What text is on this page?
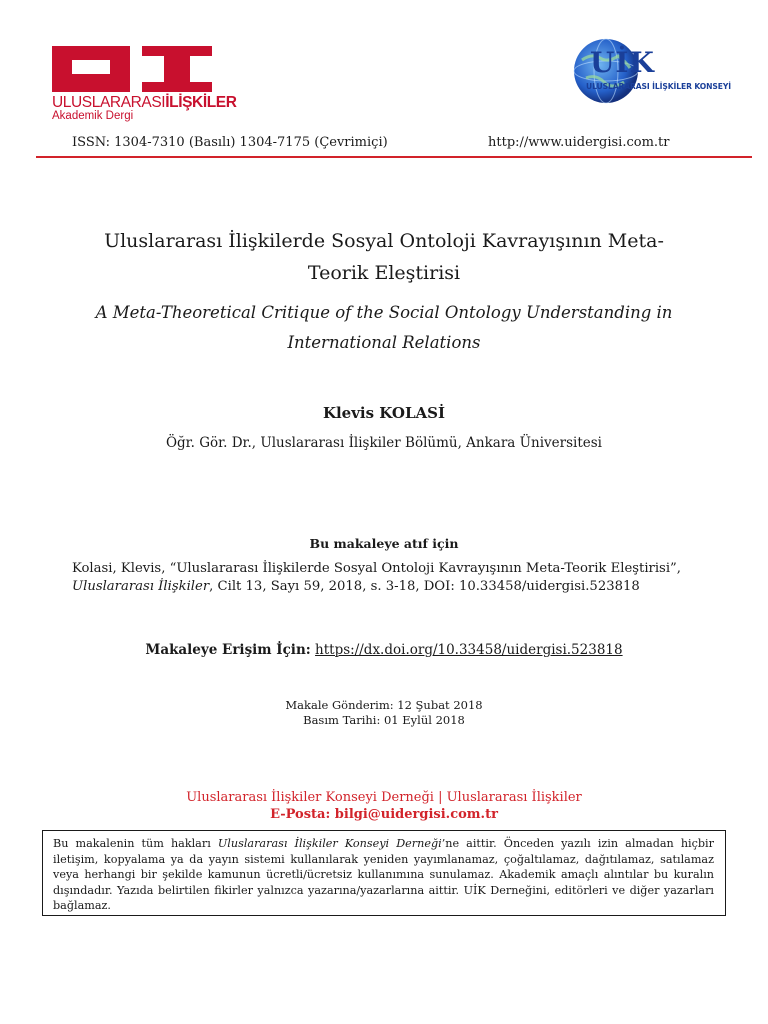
ULUSLARARASIİLİŞKİLER
Akademik Dergi
UİK
ULUSLARARASI İLİŞKİLER KONSEYİ
ISSN: 1304-7310 (Basılı) 1304-7175 (Çevrimiçi)	http://www.uidergisi.com.tr
Uluslararası İlişkilerde Sosyal Ontoloji Kavrayışının Meta-
Teorik Eleştirisi
A Meta-Theoretical Critique of the Social Ontology Understanding in
International Relations
Klevis KOLASİ
Öğr. Gör. Dr., Uluslararası İlişkiler Bölümü, Ankara Üniversitesi
Bu makaleye atıf için
Kolasi, Klevis, “Uluslararası İlişkilerde Sosyal Ontoloji Kavrayışının Meta-Teorik Eleştirisi”,
Uluslararası İlişkiler, Cilt 13, Sayı 59, 2018, s. 3-18, DOI: 10.33458/uidergisi.523818
Makaleye Erişim İçin: https://dx.doi.org/10.33458/uidergisi.523818
Makale Gönderim: 12 Şubat 2018
Basım Tarihi: 01 Eylül 2018
Uluslararası İlişkiler Konseyi Derneği | Uluslararası İlişkiler
E-Posta: bilgi@uidergisi.com.tr
Bu makalenin tüm hakları Uluslararası İlişkiler Konseyi Derneği’ne aittir. Önceden yazılı izin almadan hiçbir iletişim, kopyalama ya da yayın sistemi kullanılarak yeniden yayımlanamaz, çoğaltılamaz, dağıtılamaz, satılamaz veya herhangi bir şekilde kamunun ücretli/ücretsiz kullanımına sunulamaz. Akademik amaçlı alıntılar bu kuralın dışındadır. Yazıda belirtilen fikirler yalnızca yazarına/yazarlarına aittir. UİK Derneğini, editörleri ve diğer yazarları bağlamaz.
